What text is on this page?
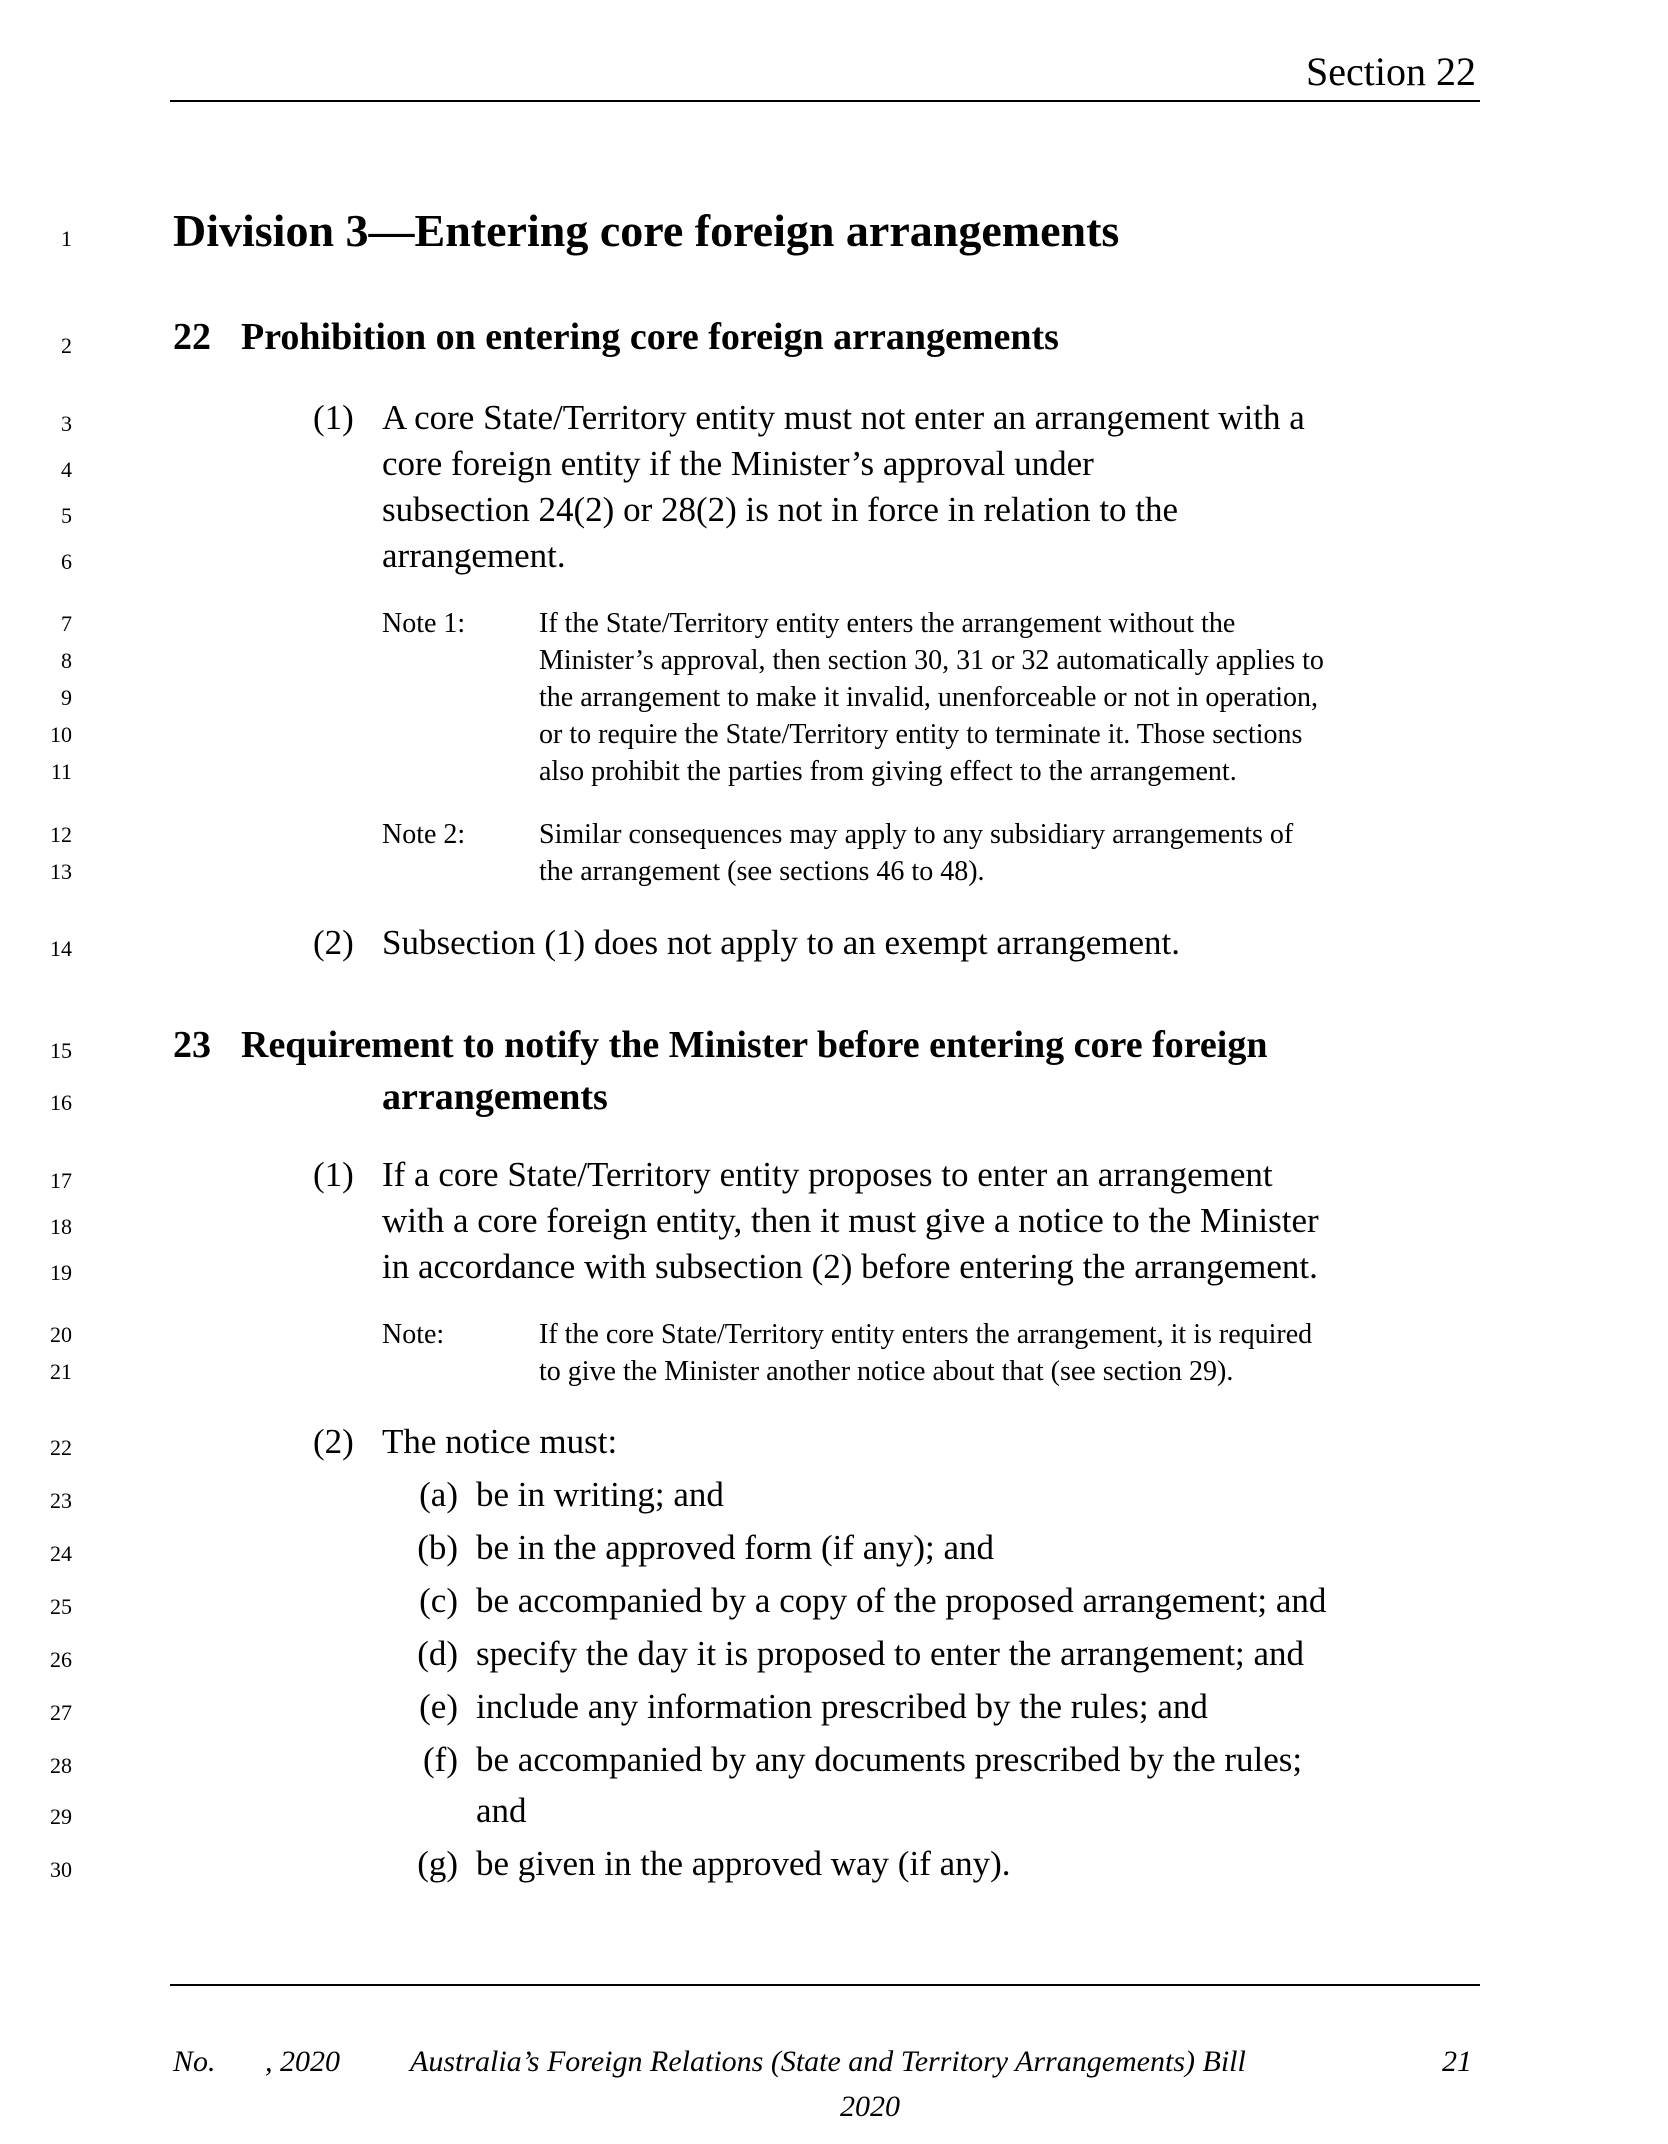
Section 22
1
2
3
4
5
6
7
8
9
10
11
12
13
14
15
16
17
18
19
20
21
22
23
24
25
26
27
28
29
30
Division 3—Entering core foreign arrangements
22 Prohibition on entering core foreign arrangements
(1) A core State/Territory entity must not enter an arrangement with a
core foreign entity if the Minister’s approval under
subsection 24(2) or 28(2) is not in force in relation to the
arrangement.
Note 1:	If the State/Territory entity enters the arrangement without the
Minister’s approval, then section 30, 31 or 32 automatically applies to
the arrangement to make it invalid, unenforceable or not in operation,
or to require the State/Territory entity to terminate it. Those sections
also prohibit the parties from giving effect to the arrangement.
Note 2:	Similar consequences may apply to any subsidiary arrangements of
the arrangement (see sections 46 to 48).
(2) Subsection (1) does not apply to an exempt arrangement.
23 Requirement to notify the Minister before entering core foreign
arrangements
(1) If a core State/Territory entity proposes to enter an arrangement
with a core foreign entity, then it must give a notice to the Minister
in accordance with subsection (2) before entering the arrangement.
Note:	If the core State/Territory entity enters the arrangement, it is required
to give the Minister another notice about that (see section 29).
(2) The notice must:
(a) be in writing; and
(b) be in the approved form (if any); and
(c) be accompanied by a copy of the proposed arrangement; and
(d) specify the day it is proposed to enter the arrangement; and
(e) include any information prescribed by the rules; and
(f) be accompanied by any documents prescribed by the rules;
and
(g) be given in the approved way (if any).
No. , 2020 Australia’s Foreign Relations (State and Territory Arrangements) Bill
2020
21
